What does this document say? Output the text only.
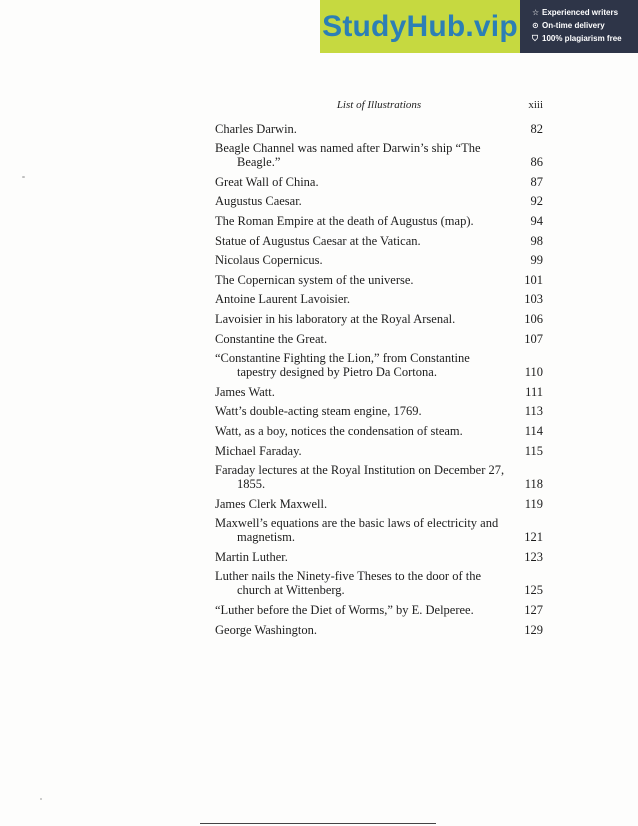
StudyHub.vip ☆ Experienced writers
⊙ On-time delivery
⛉ 100% plagiarism free
List of Illustrations	xiii
Charles Darwin.	82
Beagle Channel was named after Darwin’s ship “The Beagle.”	86
Great Wall of China.	87
Augustus Caesar.	92
The Roman Empire at the death of Augustus (map).	94
Statue of Augustus Caesar at the Vatican.	98
Nicolaus Copernicus.	99
The Copernican system of the universe.	101
Antoine Laurent Lavoisier.	103
Lavoisier in his laboratory at the Royal Arsenal.	106
Constantine the Great.	107
“Constantine Fighting the Lion,” from Constantine tapestry designed by Pietro Da Cortona.	110
James Watt.	111
Watt’s double-acting steam engine, 1769.	113
Watt, as a boy, notices the condensation of steam.	114
Michael Faraday.	115
Faraday lectures at the Royal Institution on December 27, 1855.	118
James Clerk Maxwell.	119
Maxwell’s equations are the basic laws of electricity and magnetism.	121
Martin Luther.	123
Luther nails the Ninety-five Theses to the door of the church at Wittenberg.	125
“Luther before the Diet of Worms,” by E. Delperee.	127
George Washington.	129
